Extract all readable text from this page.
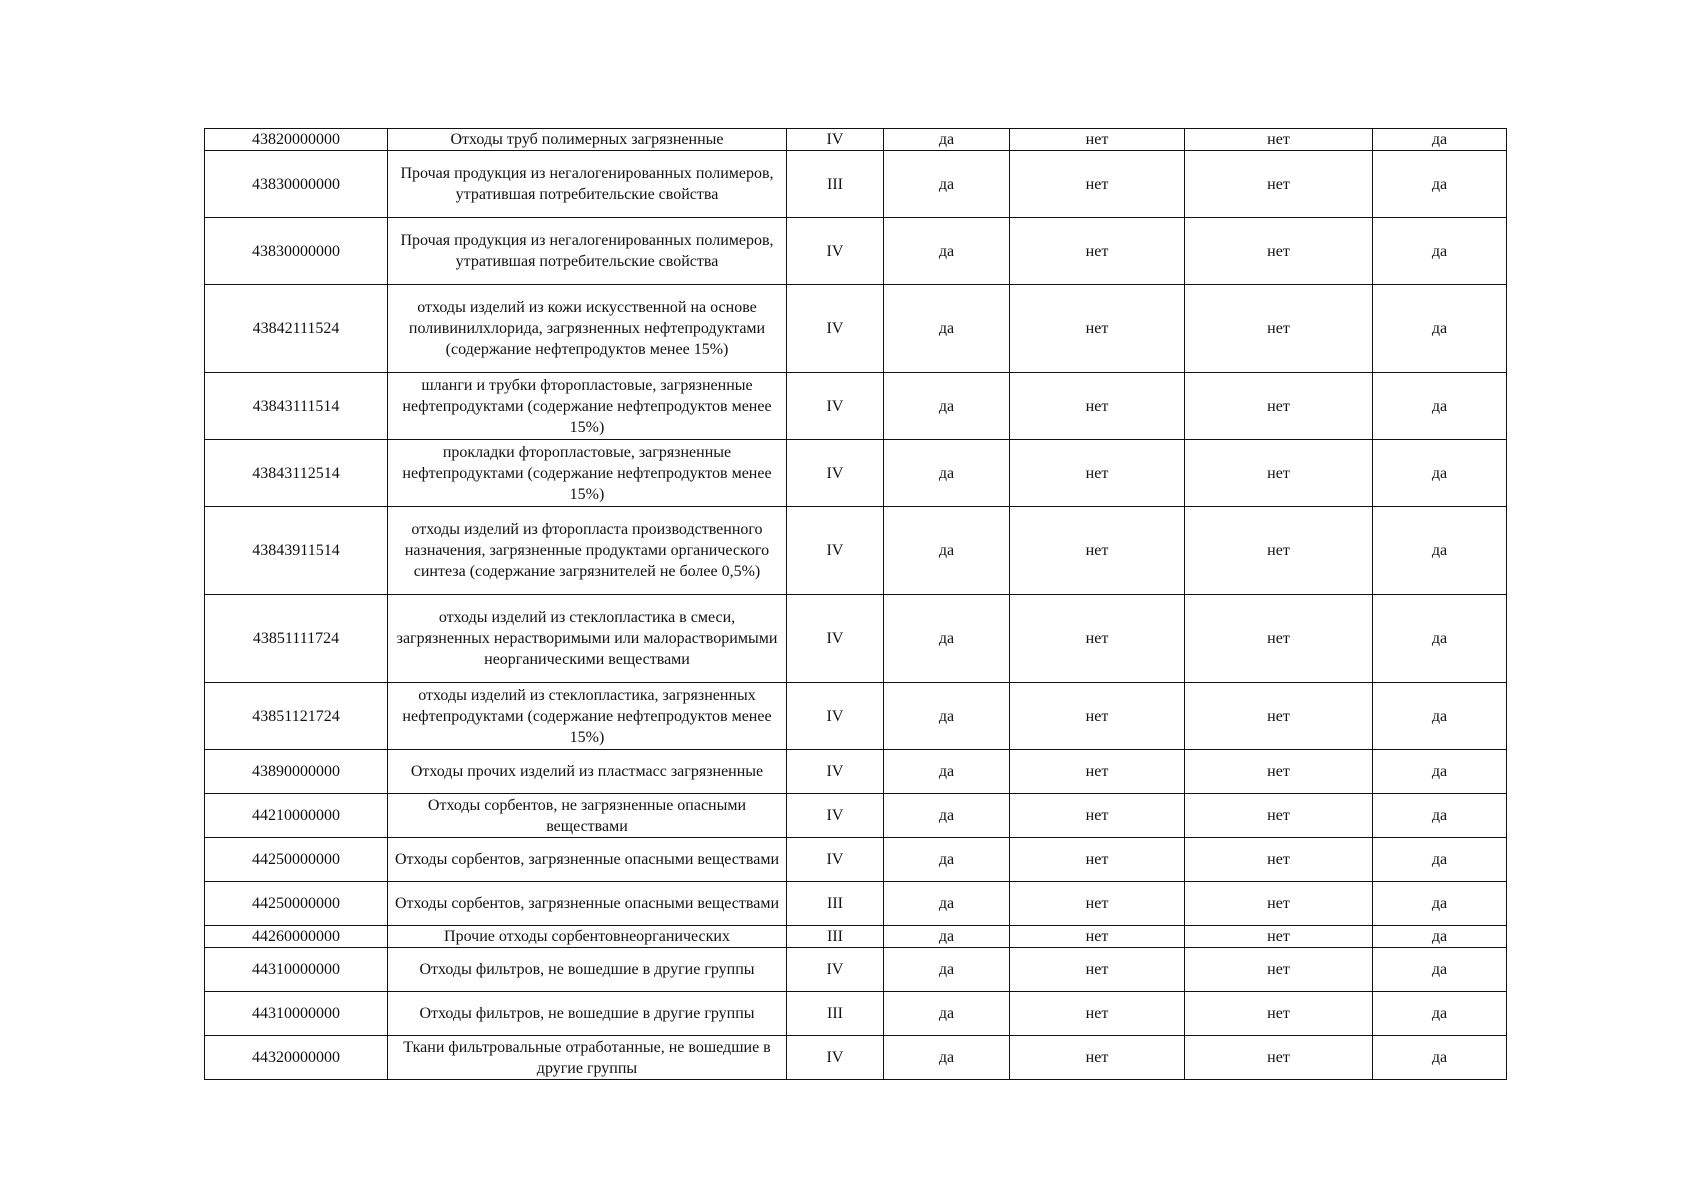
43820000000	Отходы труб полимерных загрязненные	IV	да	нет	нет	да
43830000000	Прочая продукция из негалогенированных полимеров, утратившая потребительские свойства	III	да	нет	нет	да
43830000000	Прочая продукция из негалогенированных полимеров, утратившая потребительские свойства	IV	да	нет	нет	да
43842111524	отходы изделий из кожи искусственной на основе поливинилхлорида, загрязненных нефтепродуктами (содержание нефтепродуктов менее 15%)	IV	да	нет	нет	да
43843111514	шланги и трубки фторопластовые, загрязненные нефтепродуктами (содержание нефтепродуктов менее 15%)	IV	да	нет	нет	да
43843112514	прокладки фторопластовые, загрязненные нефтепродуктами (содержание нефтепродуктов менее 15%)	IV	да	нет	нет	да
43843911514	отходы изделий из фторопласта производственного назначения, загрязненные продуктами органического синтеза (содержание загрязнителей не более 0,5%)	IV	да	нет	нет	да
43851111724	отходы изделий из стеклопластика в смеси, загрязненных нерастворимыми или малорастворимыми неорганическими веществами	IV	да	нет	нет	да
43851121724	отходы изделий из стеклопластика, загрязненных нефтепродуктами (содержание нефтепродуктов менее 15%)	IV	да	нет	нет	да
43890000000	Отходы прочих изделий из пластмасс загрязненные	IV	да	нет	нет	да
44210000000	Отходы сорбентов, не загрязненные опасными веществами	IV	да	нет	нет	да
44250000000	Отходы сорбентов, загрязненные опасными веществами	IV	да	нет	нет	да
44250000000	Отходы сорбентов, загрязненные опасными веществами	III	да	нет	нет	да
44260000000	Прочие отходы сорбентовнеорганических	III	да	нет	нет	да
44310000000	Отходы фильтров, не вошедшие в другие группы	IV	да	нет	нет	да
44310000000	Отходы фильтров, не вошедшие в другие группы	III	да	нет	нет	да
44320000000	Ткани фильтровальные отработанные, не вошедшие в другие группы	IV	да	нет	нет	да
